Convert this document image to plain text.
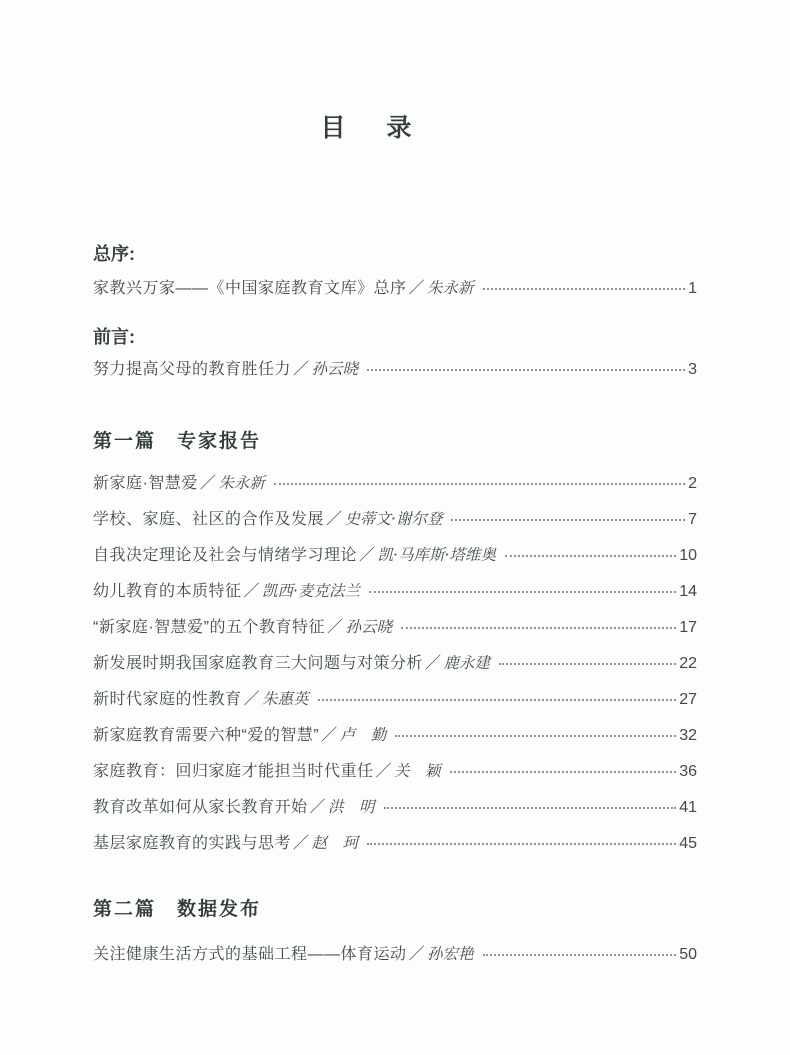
目　录
总序:
家教兴万家——《中国家庭教育文库》总序 ／ 朱永新	1
前言:
努力提高父母的教育胜任力 ／ 孙云晓	3
第一篇　专家报告
新家庭·智慧爱 ／ 朱永新	2
学校、家庭、社区的合作及发展 ／ 史蒂文·谢尔登	7
自我决定理论及社会与情绪学习理论 ／ 凯·马库斯·塔维奥	10
幼儿教育的本质特征 ／ 凯西·麦克法兰	14
“新家庭·智慧爱”的五个教育特征 ／ 孙云晓	17
新发展时期我国家庭教育三大问题与对策分析 ／ 鹿永建	22
新时代家庭的性教育 ／ 朱惠英	27
新家庭教育需要六种“爱的智慧” ／ 卢　勤	32
家庭教育：回归家庭才能担当时代重任 ／ 关　颖	36
教育改革如何从家长教育开始 ／ 洪　明	41
基层家庭教育的实践与思考 ／ 赵　珂	45
第二篇　数据发布
关注健康生活方式的基础工程——体育运动 ／ 孙宏艳	50
